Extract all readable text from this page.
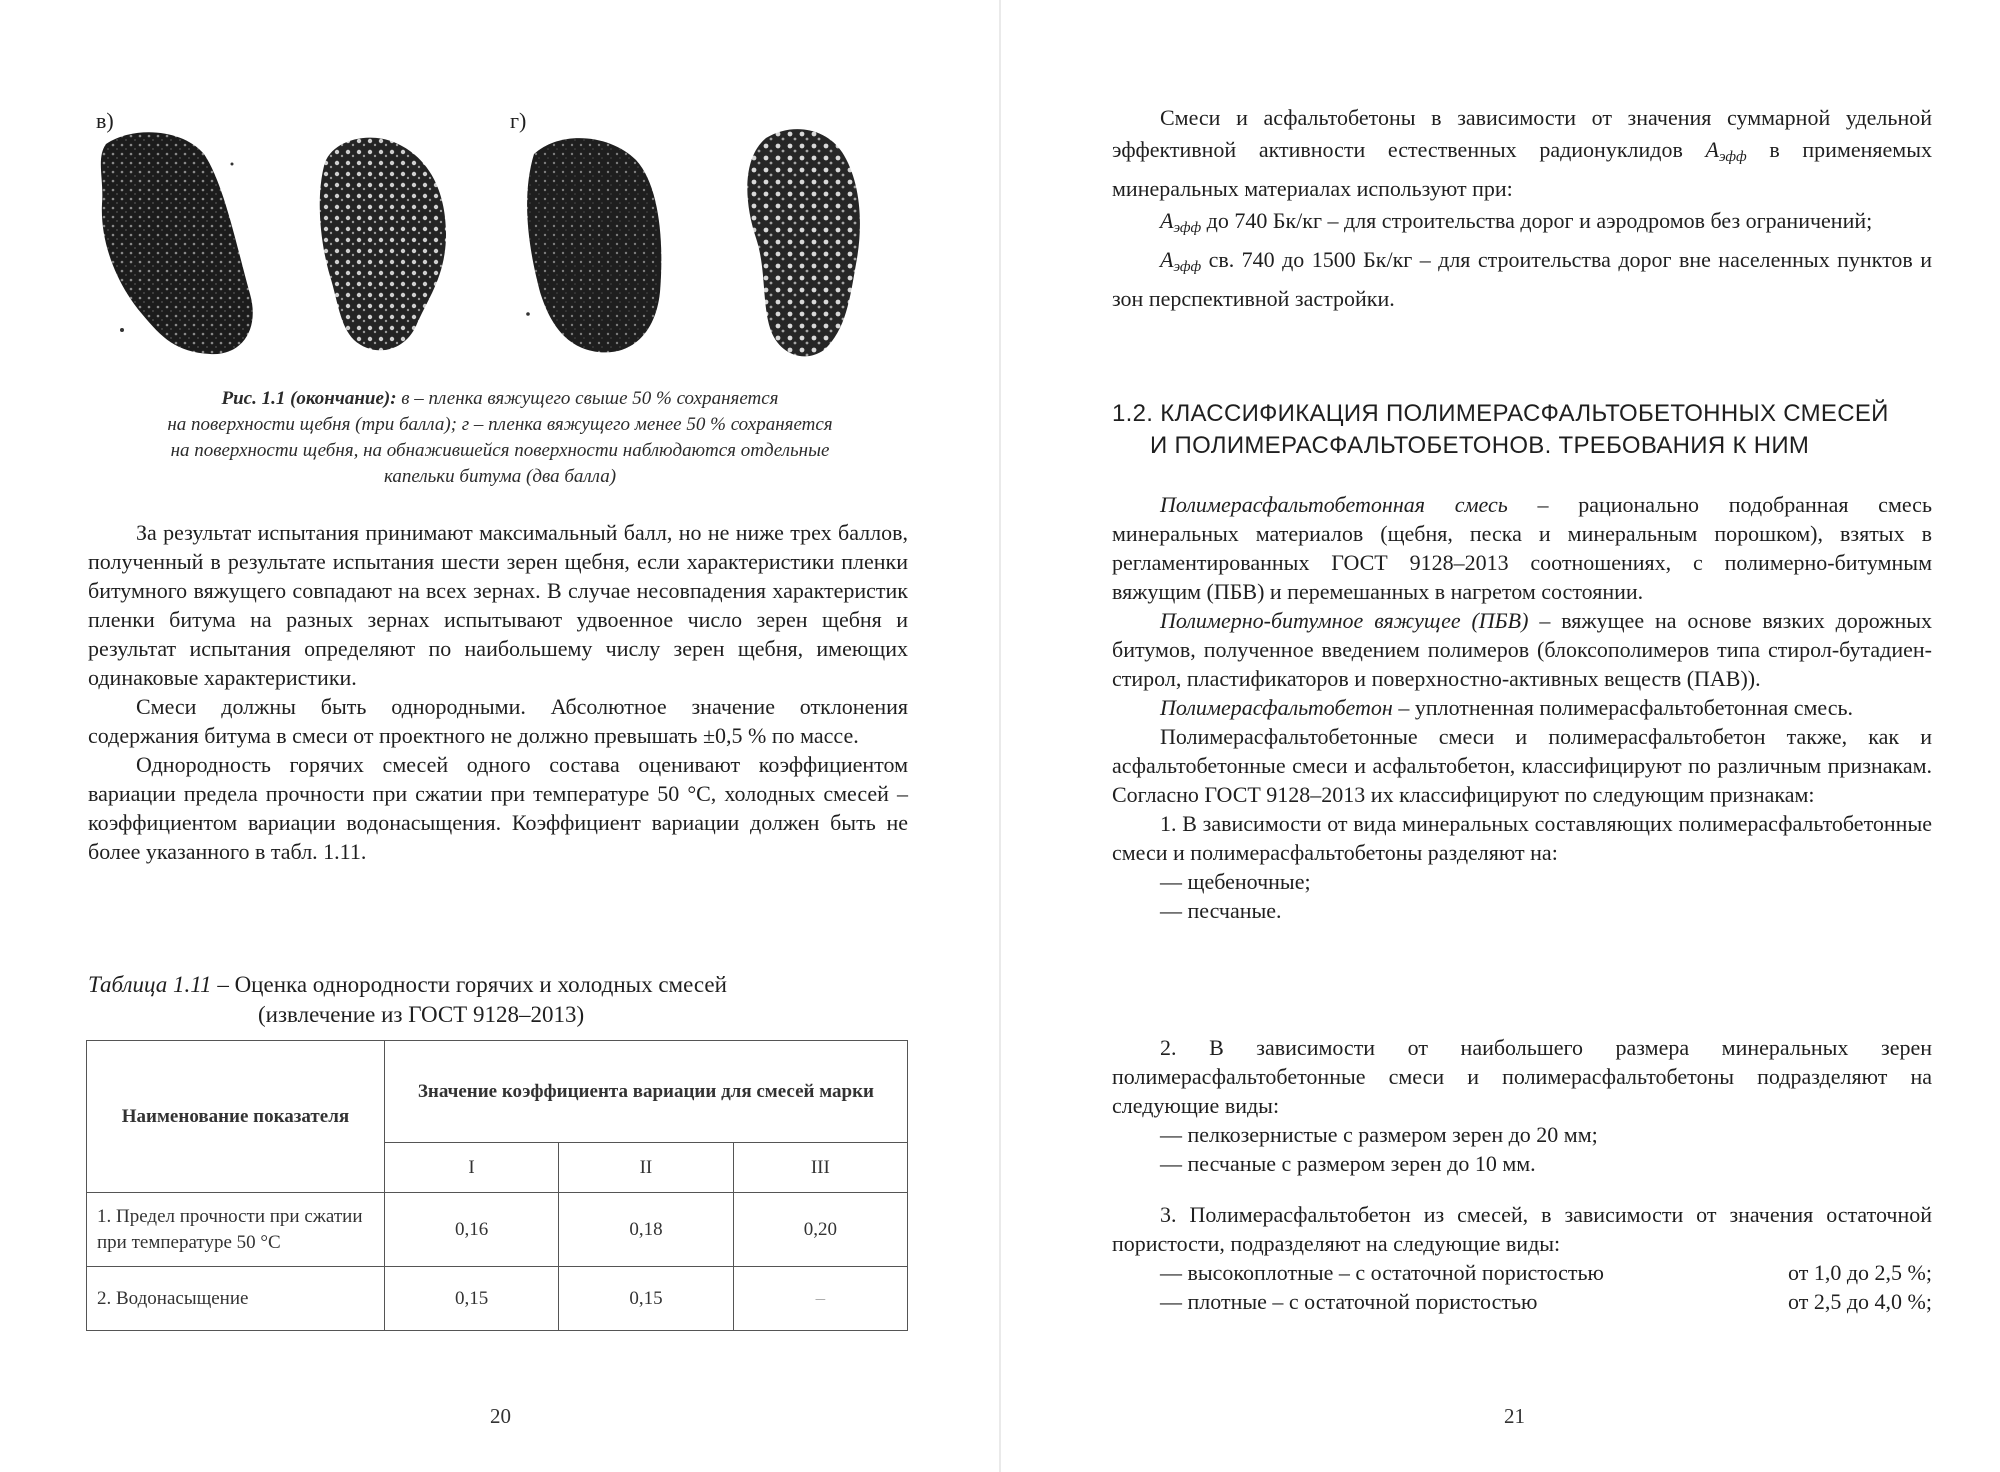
в)	г)
Рис. 1.1 (окончание): в – пленка вяжущего свыше 50 % сохраняется
на поверхности щебня (три балла); г – пленка вяжущего менее 50 % сохраняется
на поверхности щебня, на обнажившейся поверхности наблюдаются отдельные
капельки битума (два балла)

За результат испытания принимают максимальный балл, но не ниже трех баллов, полученный в результате испытания шести зерен щебня, если характеристики пленки битумного вяжущего совпадают на всех зернах. В случае несовпадения характеристик пленки битума на разных зернах испытывают удвоенное число зерен щебня и результат испытания определяют по наибольшему числу зерен щебня, имеющих одинаковые характеристики.

Смеси должны быть однородными. Абсолютное значение отклонения содержания битума в смеси от проектного не должно превышать ±0,5 % по массе.

Однородность горячих смесей одного состава оценивают коэффициентом вариации предела прочности при сжатии при температуре 50 °С, холодных смесей – коэффициентом вариации водонасыщения. Коэффициент вариации должен быть не более указанного в табл. 1.11.

Таблица 1.11 – Оценка однородности горячих и холодных смесей
(извлечение из ГОСТ 9128–2013)
Наименование показателя	Значение коэффициента вариации для смесей марки		
	I	II	III
1. Предел прочности при сжатии при температуре 50 °С	0,16	0,18	0,20
2. Водонасыщение	0,15	0,15	–
20

Смеси и асфальтобетоны в зависимости от значения суммарной удельной эффективной активности естественных радионуклидов $А_{эфф}$ в применяемых минеральных материалах используют при:

$А_{эфф}$ до 740 Бк/кг – для строительства дорог и аэродромов без ограничений;

$А_{эфф}$ св. 740 до 1500 Бк/кг – для строительства дорог вне населенных пунктов и зон перспективной застройки.

1.2. КЛАССИФИКАЦИЯ ПОЛИМЕРАСФАЛЬТОБЕТОННЫХ СМЕСЕЙ
И ПОЛИМЕРАСФАЛЬТОБЕТОНОВ. ТРЕБОВАНИЯ К НИМ

Полимерасфальтобетонная смесь – рационально подобранная смесь минеральных материалов (щебня, песка и минеральным порошком), взятых в регламентированных ГОСТ 9128–2013 соотношениях, с полимерно-битумным вяжущим (ПБВ) и перемешанных в нагретом состоянии.

Полимерно-битумное вяжущее (ПБВ) – вяжущее на основе вязких дорожных битумов, полученное введением полимеров (блоксополимеров типа стирол-бутадиен-стирол, пластификаторов и поверхностно-активных веществ (ПАВ)).

Полимерасфальтобетон – уплотненная полимерасфальтобетонная смесь.

Полимерасфальтобетонные смеси и полимерасфальтобетон также, как и асфальтобетонные смеси и асфальтобетон, классифицируют по различным признакам. Согласно ГОСТ 9128–2013 их классифицируют по следующим признакам:

1. В зависимости от вида минеральных составляющих полимерасфальтобетонные смеси и полимерасфальтобетоны разделяют на:

— щебеночные;

— песчаные.

2. В зависимости от наибольшего размера минеральных зерен полимерасфальтобетонные смеси и полимерасфальтобетоны подразделяют на следующие виды:

— пелкозернистые с размером зерен до 20 мм;

— песчаные с размером зерен до 10 мм.

3. Полимерасфальтобетон из смесей, в зависимости от значения остаточной пористости, подразделяют на следующие виды:

— высокоплотные – с остаточной пористостью	от 1,0 до 2,5 %;
— плотные – с остаточной пористостью	от 2,5 до 4,0 %;
21
